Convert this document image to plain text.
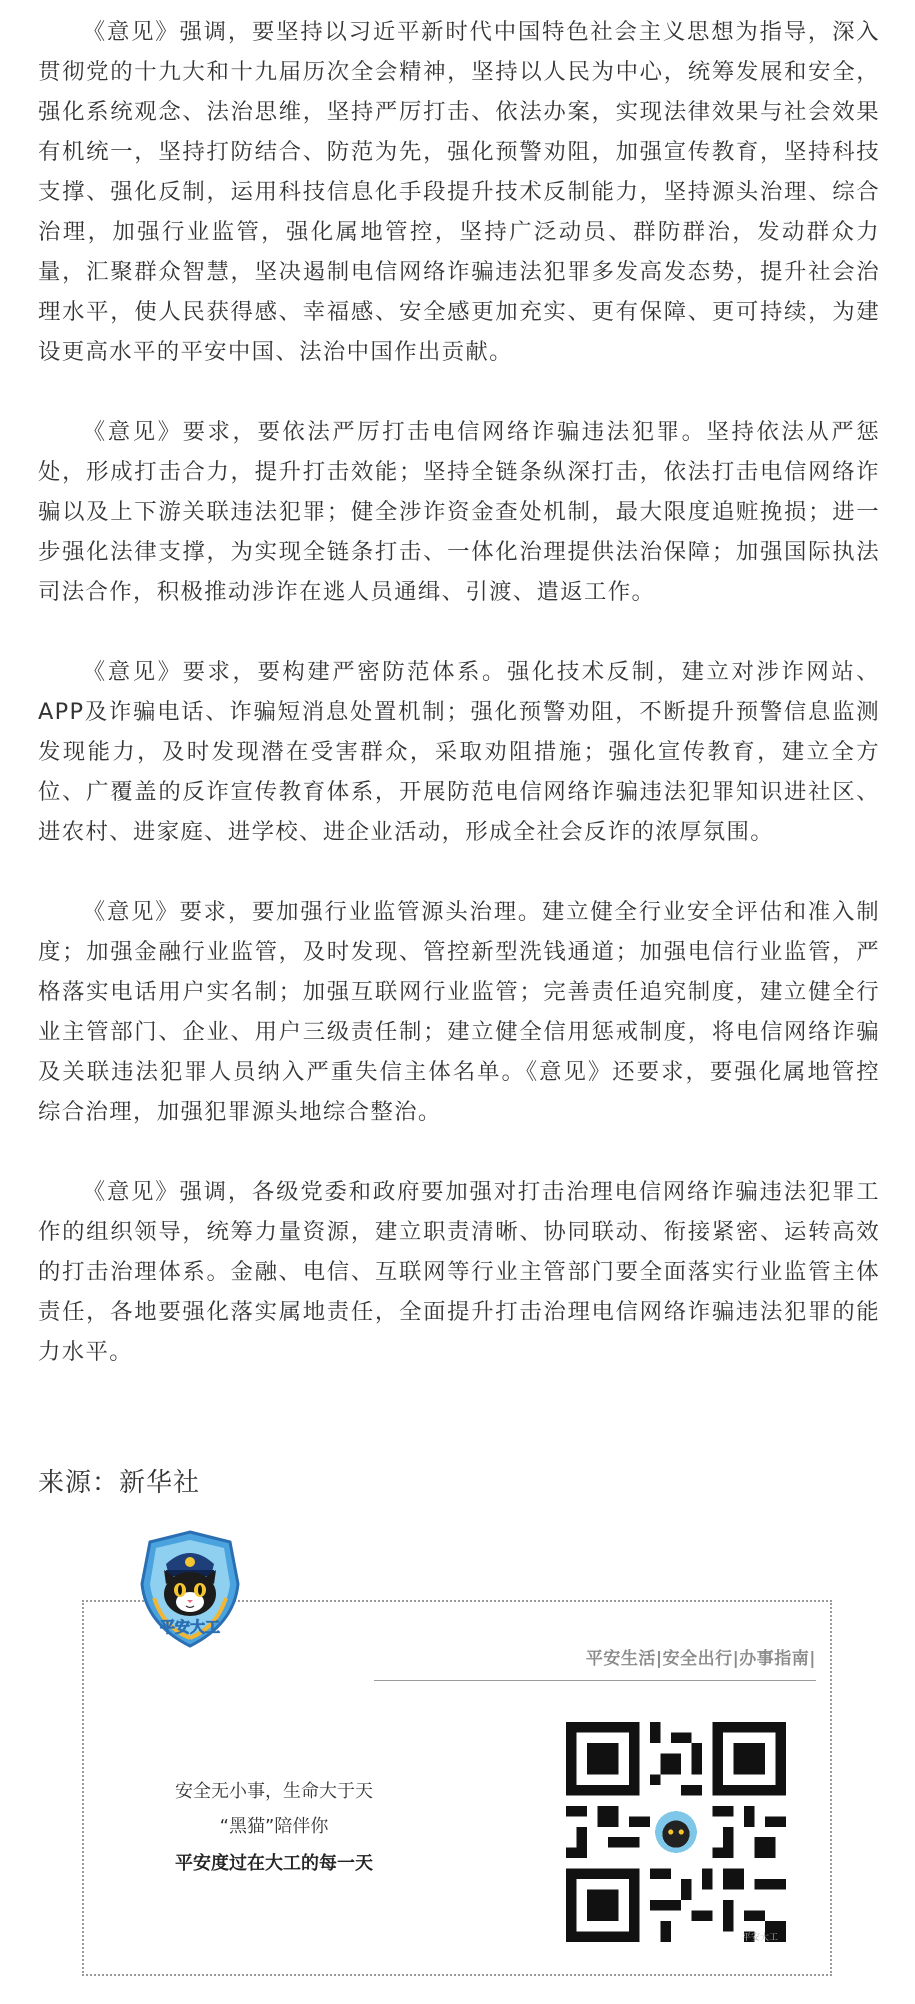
《意见》强调，要坚持以习近平新时代中国特色社会主义思想为指导，深入贯彻党的十九大和十九届历次全会精神，坚持以人民为中心，统筹发展和安全，强化系统观念、法治思维，坚持严厉打击、依法办案，实现法律效果与社会效果有机统一，坚持打防结合、防范为先，强化预警劝阻，加强宣传教育，坚持科技支撑、强化反制，运用科技信息化手段提升技术反制能力，坚持源头治理、综合治理，加强行业监管，强化属地管控，坚持广泛动员、群防群治，发动群众力量，汇聚群众智慧，坚决遏制电信网络诈骗违法犯罪多发高发态势，提升社会治理水平，使人民获得感、幸福感、安全感更加充实、更有保障、更可持续，为建设更高水平的平安中国、法治中国作出贡献。

《意见》要求，要依法严厉打击电信网络诈骗违法犯罪。坚持依法从严惩处，形成打击合力，提升打击效能；坚持全链条纵深打击，依法打击电信网络诈骗以及上下游关联违法犯罪；健全涉诈资金查处机制，最大限度追赃挽损；进一步强化法律支撑，为实现全链条打击、一体化治理提供法治保障；加强国际执法司法合作，积极推动涉诈在逃人员通缉、引渡、遣返工作。

《意见》要求，要构建严密防范体系。强化技术反制，建立对涉诈网站、APP及诈骗电话、诈骗短消息处置机制；强化预警劝阻，不断提升预警信息监测发现能力，及时发现潜在受害群众，采取劝阻措施；强化宣传教育，建立全方位、广覆盖的反诈宣传教育体系，开展防范电信网络诈骗违法犯罪知识进社区、进农村、进家庭、进学校、进企业活动，形成全社会反诈的浓厚氛围。

《意见》要求，要加强行业监管源头治理。建立健全行业安全评估和准入制度；加强金融行业监管，及时发现、管控新型洗钱通道；加强电信行业监管，严格落实电话用户实名制；加强互联网行业监管；完善责任追究制度，建立健全行业主管部门、企业、用户三级责任制；建立健全信用惩戒制度，将电信网络诈骗及关联违法犯罪人员纳入严重失信主体名单。《意见》还要求，要强化属地管控综合治理，加强犯罪源头地综合整治。

《意见》强调，各级党委和政府要加强对打击治理电信网络诈骗违法犯罪工作的组织领导，统筹力量资源，建立职责清晰、协同联动、衔接紧密、运转高效的打击治理体系。金融、电信、互联网等行业主管部门要全面落实行业监管主体责任，各地要强化落实属地责任，全面提升打击治理电信网络诈骗违法犯罪的能力水平。

来源：新华社
平安生活|安全出行|办事指南|
安全无小事，生命大于天
“黑猫”陪伴你
平安度过在大工的每一天
平安大工
平安大工
